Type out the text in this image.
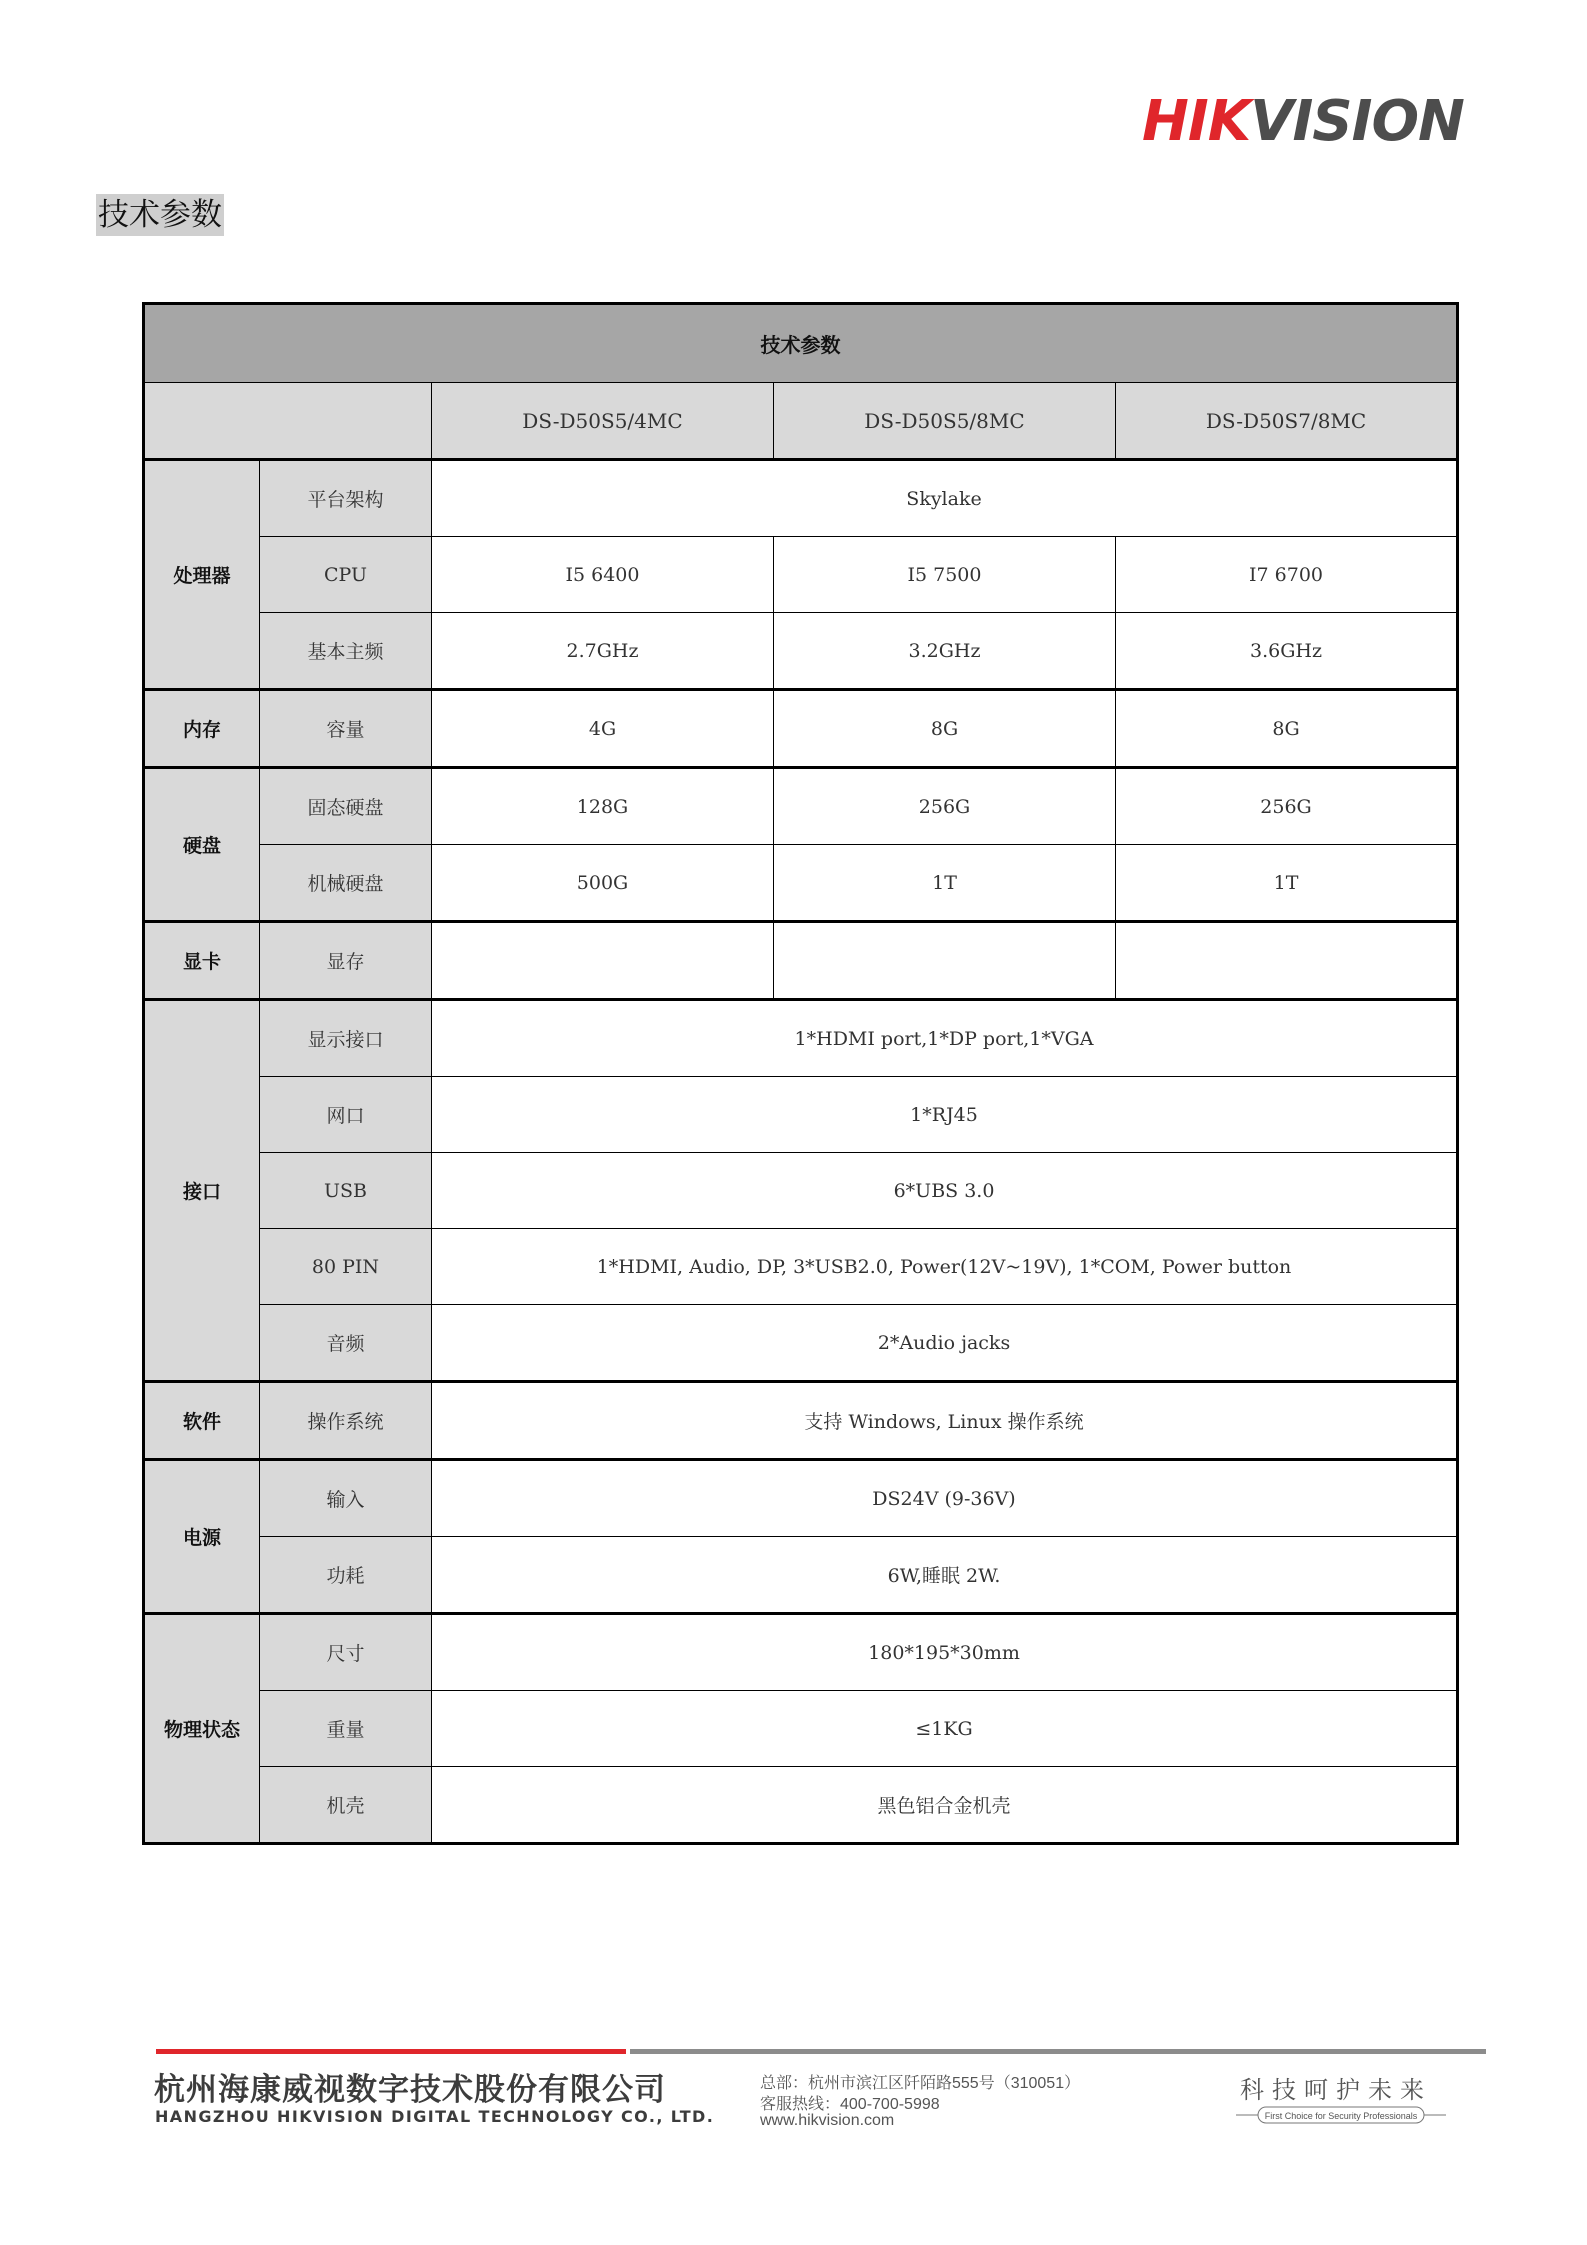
HIKVISION
技术参数
技术参数				
		DS-D50S5/4MC	DS-D50S5/8MC	DS-D50S7/8MC
处理器	平台架构	Skylake		
	CPU	I5 6400	I5 7500	I7 6700
	基本主频	2.7GHz	3.2GHz	3.6GHz
内存	容量	4G	8G	8G
硬盘	固态硬盘	128G	256G	256G
	机械硬盘	500G	1T	1T
显卡	显存			
接口	显示接口	1*HDMI port,1*DP port,1*VGA		
	网口	1*RJ45		
	USB	6*UBS 3.0		
	80 PIN	1*HDMI, Audio, DP, 3*USB2.0, Power(12V~19V), 1*COM, Power button		
	音频	2*Audio jacks		
软件	操作系统	支持 Windows, Linux 操作系统		
电源	输入	DS24V (9-36V)		
	功耗	6W,睡眠 2W.		
物理状态	尺寸	180*195*30mm		
	重量	≤1KG		
	机壳	黑色铝合金机壳		
杭州海康威视数字技术股份有限公司
HANGZHOU HIKVISION DIGITAL TECHNOLOGY CO., LTD.
总部：杭州市滨江区阡陌路555号（310051）
客服热线：400-700-5998
www.hikvision.com
科技呵护未来
First Choice for Security Professionals
